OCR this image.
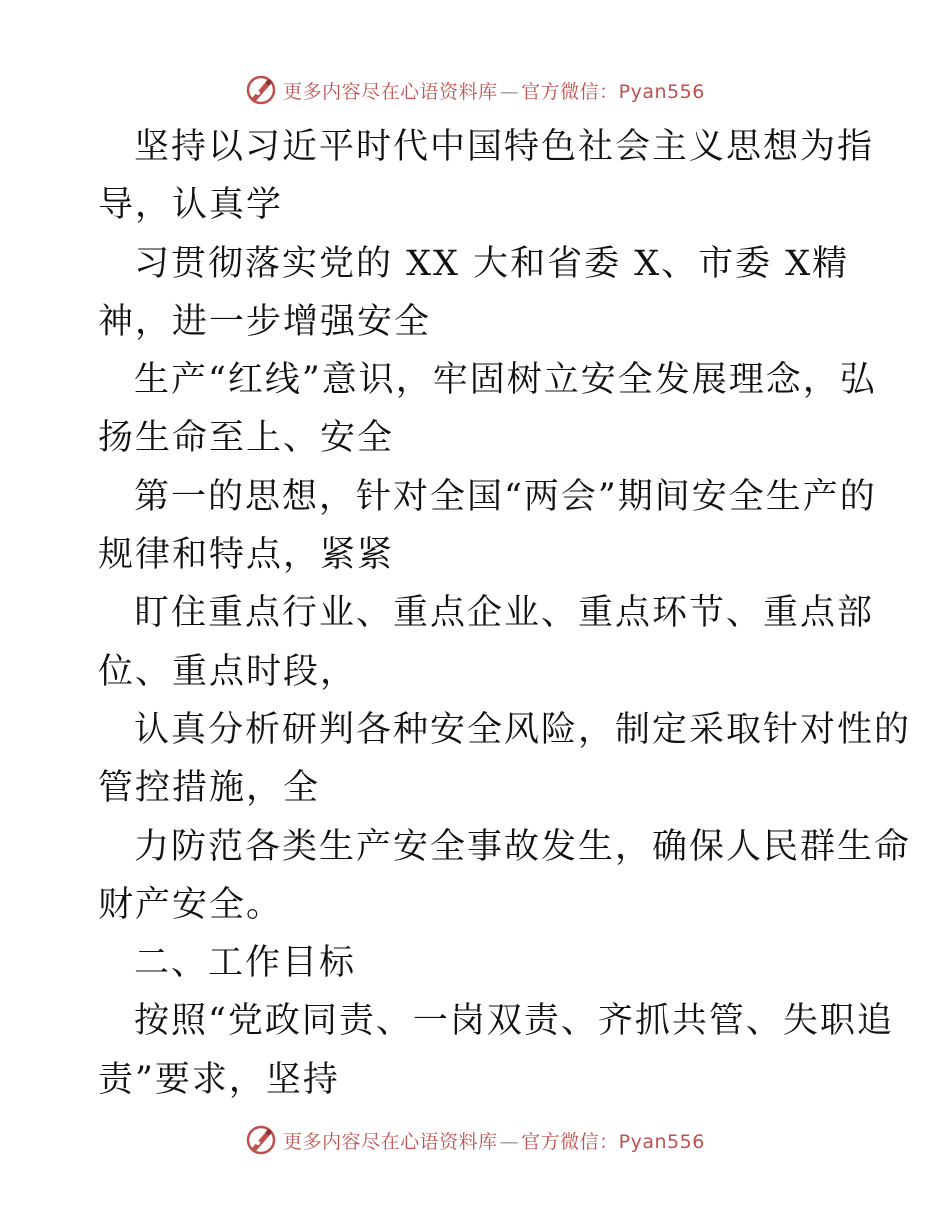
更多内容尽在心语资料库 — 官方微信：Pyan556
坚持以习近平时代中国特色社会主义思想为指
导，认真学
习贯彻落实党的 XX 大和省委 X、市委 X精
神，进一步增强安全
生产“红线”意识，牢固树立安全发展理念，弘
扬生命至上、安全
第一的思想，针对全国“两会”期间安全生产的
规律和特点，紧紧
盯住重点行业、重点企业、重点环节、重点部
位、重点时段，
认真分析研判各种安全风险，制定采取针对性的
管控措施，全
力防范各类生产安全事故发生，确保人民群生命
财产安全。
二、工作目标
按照“党政同责、一岗双责、齐抓共管、失职追
责”要求，坚持
更多内容尽在心语资料库 — 官方微信：Pyan556
